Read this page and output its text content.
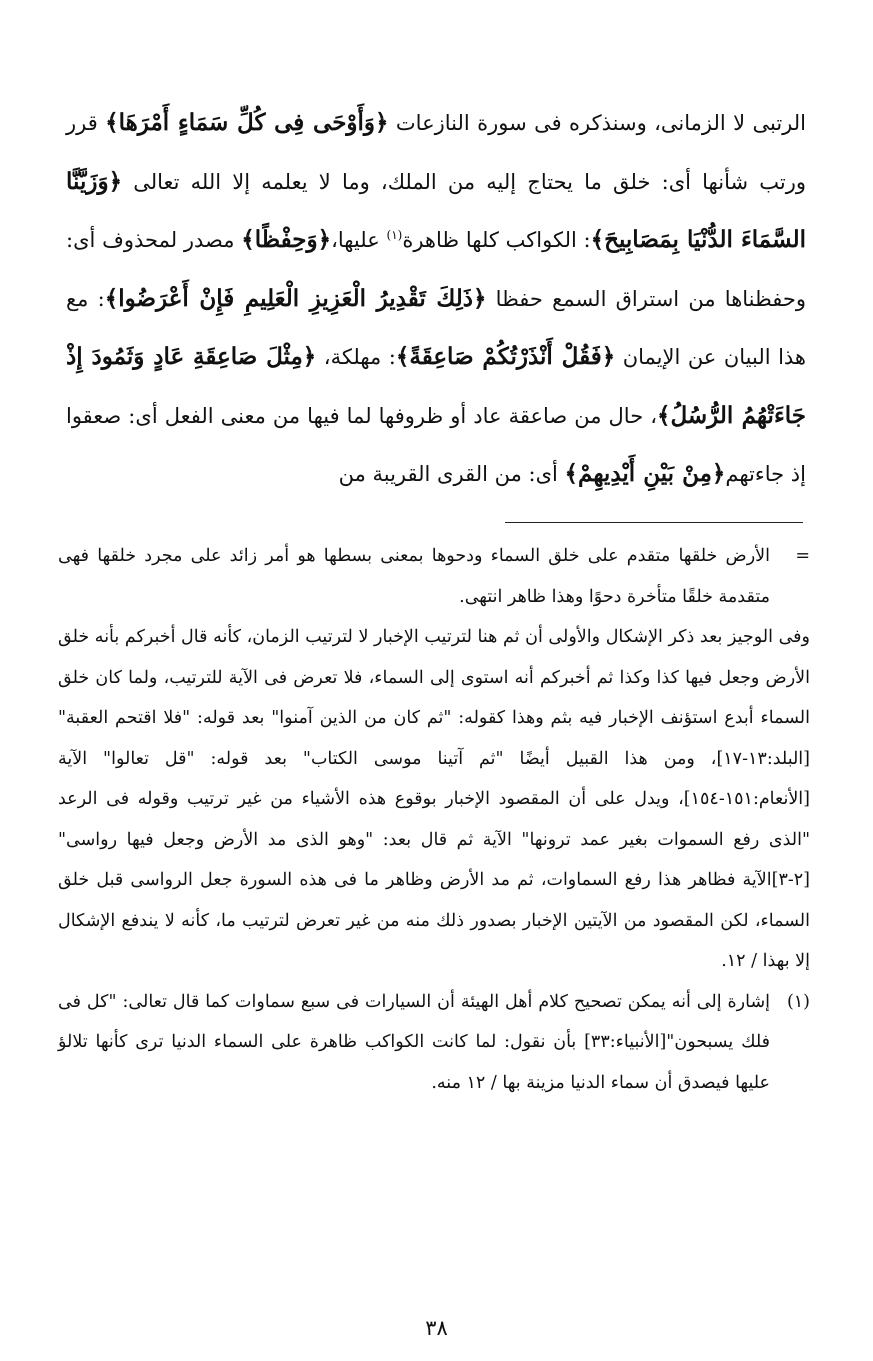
الرتبى لا الزمانى، وسنذكره فى سورة النازعات ﴿وَأَوْحَى فِى كُلِّ سَمَاءٍ أَمْرَهَا﴾ قرر ورتب شأنها أى: خلق ما يحتاج إليه من الملك، وما لا يعلمه إلا الله تعالى ﴿وَزَيَّنَّا السَّمَاءَ الدُّنْيَا بِمَصَابِيحَ﴾: الكواكب كلها ظاهرة$^{(١)}$ عليها،﴿وَحِفْظًا﴾ مصدر لمحذوف أى: وحفظناها من استراق السمع حفظا ﴿ذَلِكَ تَقْدِيرُ الْعَزِيزِ الْعَلِيمِ فَإِنْ أَعْرَضُوا﴾: مع هذا البيان عن الإيمان ﴿فَقُلْ أَنْذَرْتُكُمْ صَاعِقَةً﴾: مهلكة، ﴿مِثْلَ صَاعِقَةِ عَادٍ وَثَمُودَ إِذْ جَاءَتْهُمُ الرُّسُلُ﴾، حال من صاعقة عاد أو ظروفها لما فيها من معنى الفعل أى: صعقوا إذ جاءتهم﴿مِنْ بَيْنِ أَيْدِيهِمْ﴾ أى: من القرى القريبة من

=
الأرض خلقها متقدم على خلق السماء ودحوها بمعنى بسطها هو أمر زائد على مجرد خلقها فهى متقدمة خلقًا متأخرة دحوًا وهذا ظاهر انتهى.

وفى الوجيز بعد ذكر الإشكال والأولى أن ثم هنا لترتيب الإخبار لا لترتيب الزمان، كأنه قال أخبركم بأنه خلق الأرض وجعل فيها كذا وكذا ثم أخبركم أنه استوى إلى السماء، فلا تعرض فى الآية للترتيب، ولما كان خلق السماء أبدع استؤنف الإخبار فيه بثم وهذا كقوله: "ثم كان من الذين آمنوا" بعد قوله: "فلا اقتحم العقبة" [البلد:١٣-١٧]، ومن هذا القبيل أيضًا "ثم آتينا موسى الكتاب" بعد قوله: "قل تعالوا" الآية [الأنعام:١٥١-١٥٤]، ويدل على أن المقصود الإخبار بوقوع هذه الأشياء من غير ترتيب وقوله فى الرعد "الذى رفع السموات بغير عمد ترونها" الآية ثم قال بعد: "وهو الذى مد الأرض وجعل فيها رواسى"[٢-٣]الآية فظاهر هذا رفع السماوات، ثم مد الأرض وظاهر ما فى هذه السورة جعل الرواسى قبل خلق السماء، لكن المقصود من الآيتين الإخبار بصدور ذلك منه من غير تعرض لترتيب ما، كأنه لا يندفع الإشكال إلا بهذا / ١٢.

(١)
إشارة إلى أنه يمكن تصحيح كلام أهل الهيئة أن السيارات فى سبع سماوات كما قال تعالى: "كل فى فلك يسبحون"[الأنبياء:٣٣] بأن نقول: لما كانت الكواكب ظاهرة على السماء الدنيا ترى كأنها تلالؤ عليها فيصدق أن سماء الدنيا مزينة بها / ١٢ منه.

٣٨
